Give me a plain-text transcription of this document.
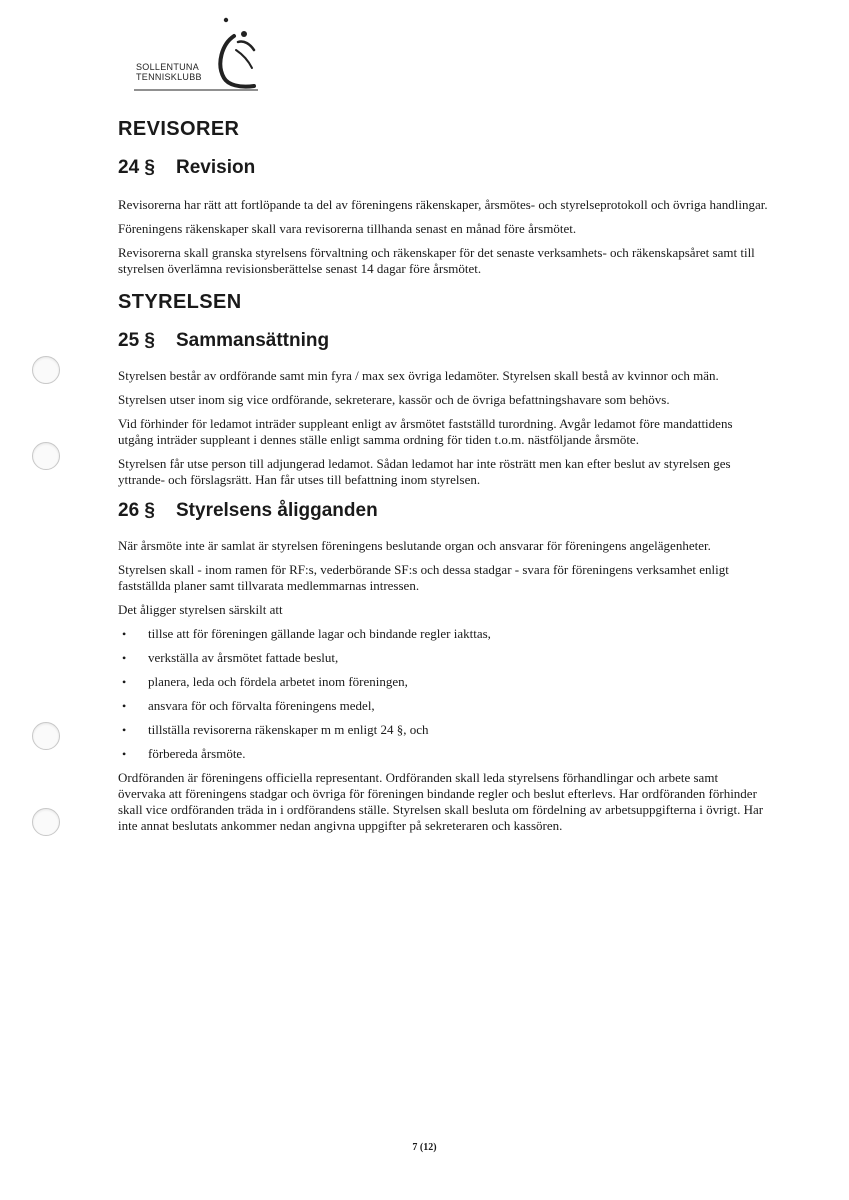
SOLLENTUNA
TENNISKLUBB
REVISORER
24 §	Revision

Revisorerna har rätt att fortlöpande ta del av föreningens räkenskaper, årsmötes- och styrelseprotokoll och övriga handlingar.

Föreningens räkenskaper skall vara revisorerna tillhanda senast en månad före årsmötet.

Revisorerna skall granska styrelsens förvaltning och räkenskaper för det senaste verksamhets- och räkenskapsåret samt till styrelsen överlämna revisionsberättelse senast 14 dagar före årsmötet.

STYRELSEN
25 §	Sammansättning

Styrelsen består av ordförande samt min fyra / max sex övriga ledamöter. Styrelsen skall bestå av kvinnor och män.

Styrelsen utser inom sig vice ordförande, sekreterare, kassör och de övriga befattningshavare som behövs.

Vid förhinder för ledamot inträder suppleant enligt av årsmötet fastställd turordning. Avgår ledamot före mandattidens utgång inträder suppleant i dennes ställe enligt samma ordning för tiden t.o.m. nästföljande årsmöte.

Styrelsen får utse person till adjungerad ledamot. Sådan ledamot har inte rösträtt men kan efter beslut av styrelsen ges yttrande- och förslagsrätt. Han får utses till befattning inom styrelsen.

26 §	Styrelsens åligganden

När årsmöte inte är samlat är styrelsen föreningens beslutande organ och ansvarar för föreningens angelägenheter.

Styrelsen skall - inom ramen för RF:s, vederbörande SF:s och dessa stadgar - svara för föreningens verksamhet enligt fastställda planer samt tillvarata medlemmarnas intressen.

Det åligger styrelsen särskilt att

• tillse att för föreningen gällande lagar och bindande regler iakttas,
• verkställa av årsmötet fattade beslut,
• planera, leda och fördela arbetet inom föreningen,
• ansvara för och förvalta föreningens medel,
• tillställa revisorerna räkenskaper m m enligt 24 §, och
• förbereda årsmöte.

Ordföranden är föreningens officiella representant. Ordföranden skall leda styrelsens förhandlingar och arbete samt övervaka att föreningens stadgar och övriga för föreningen bindande regler och beslut efterlevs. Har ordföranden förhinder skall vice ordföranden träda in i ordförandens ställe. Styrelsen skall besluta om fördelning av arbetsuppgifterna i övrigt. Har inte annat beslutats ankommer nedan angivna uppgifter på sekreteraren och kassören.

7 (12)
